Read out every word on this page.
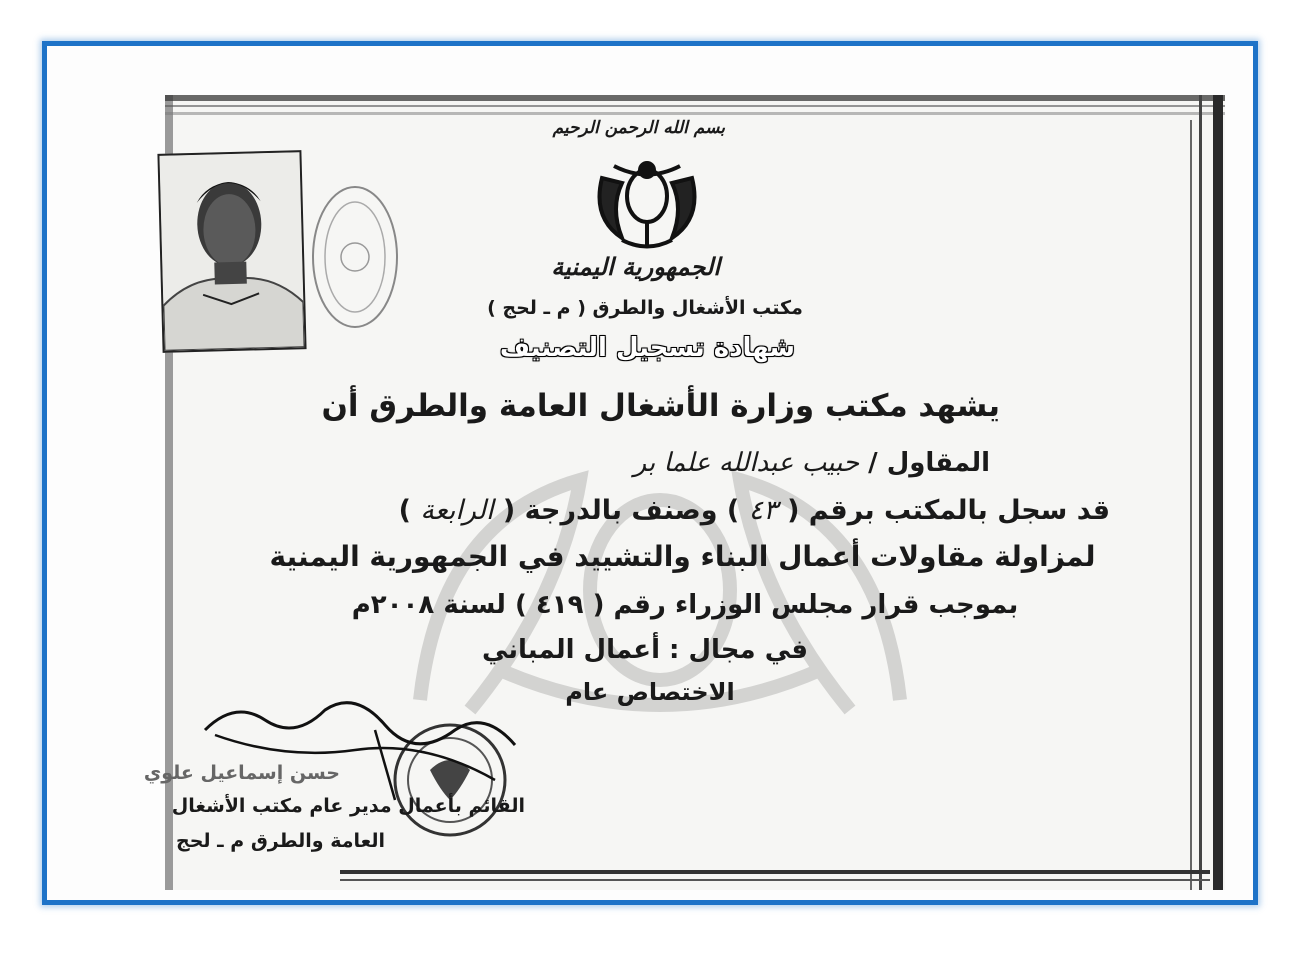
بسم الله الرحمن الرحيم
الجمهورية اليمنية
مكتب الأشغال والطرق ( م ـ لحج )
شهادة تسجيل التصنيف
يشهد مكتب وزارة الأشغال العامة والطرق أن
المقاول / حبيب عبدالله علما بر
قد سجل بالمكتب برقم ( ٤٣ ) وصنف بالدرجة ( الرابعة )
لمزاولة مقاولات أعمال البناء والتشييد في الجمهورية اليمنية
بموجب قرار مجلس الوزراء رقم ( ٤١٩ ) لسنة ٢٠٠٨م
في مجال : أعمال المباني
الاختصاص عام
حسن إسماعيل علوي
القائم بأعمال مدير عام مكتب الأشغال
العامة والطرق م ـ لحج
